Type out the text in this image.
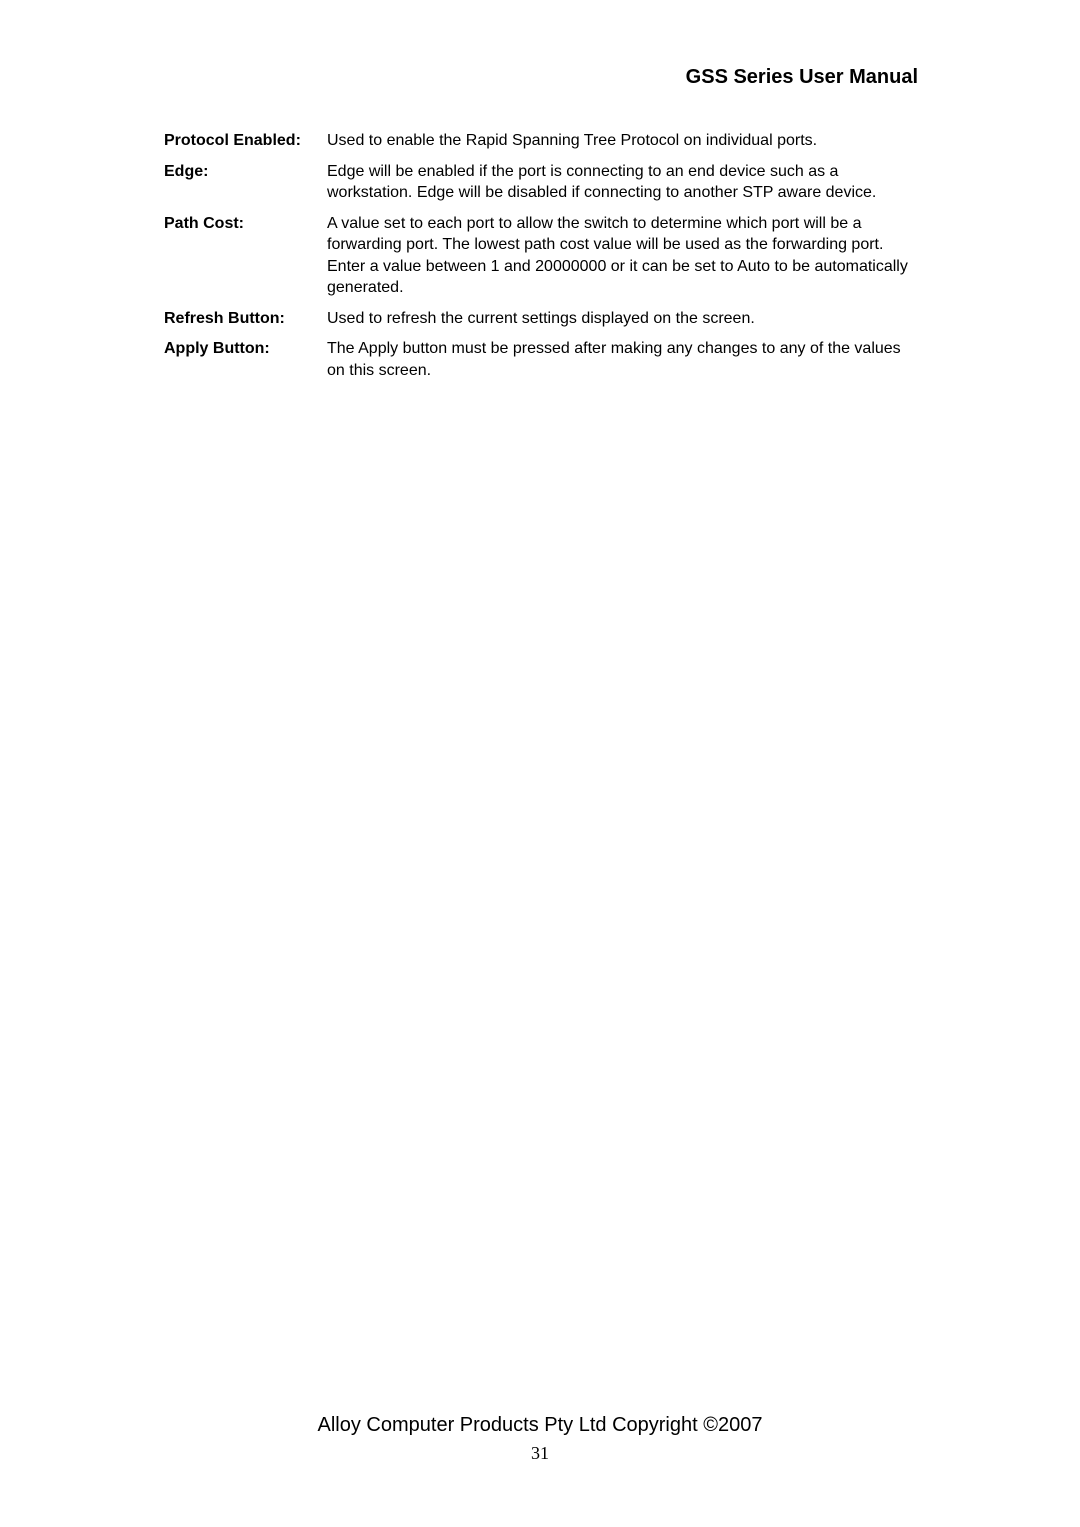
GSS Series User Manual
Protocol Enabled:	Used to enable the Rapid Spanning Tree Protocol on individual ports.
Edge:	Edge will be enabled if the port is connecting to an end device such as a workstation. Edge will be disabled if connecting to another STP aware device.
Path Cost:	A value set to each port to allow the switch to determine which port will be a forwarding port. The lowest path cost value will be used as the forwarding port. Enter a value between 1 and 20000000 or it can be set to Auto to be automatically generated.
Refresh Button:	Used to refresh the current settings displayed on the screen.
Apply Button:	The Apply button must be pressed after making any changes to any of the values on this screen.
Alloy Computer Products Pty Ltd Copyright ©2007
31
